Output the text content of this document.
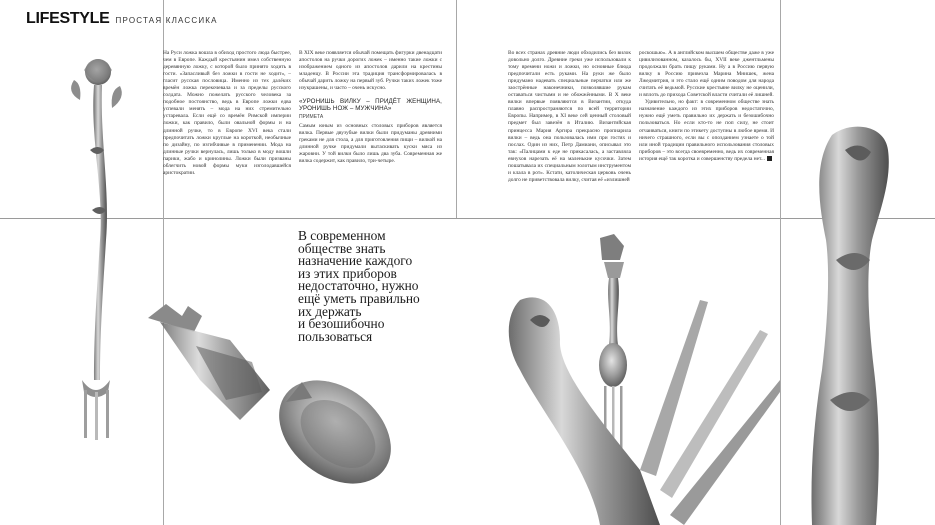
LIFESTYLE ПРОСТАЯ КЛАССИКА

На Руси ложка вошла в обиход простого люда быстрее, чем в Европе. Каждый крестьянин имел собственную деревянную ложку, с которой было принято ходить в гости. «Запасливый без ложки в гости не ходит», – гласит русская пословица. Именно из тех далёких времён ложка перекочевала и за пределы русского солдата. Можно пожелать русского человека за подобное постоянство, ведь в Европе ложки едва успевали менять – мода на них стремительно устаревала. Если ещё со времён Римской империи ложки, как правило, были овальной формы и на длинной ручке, то в Европе XVI века стали предпочитать ложки круглые на короткой, необычные по дизайну, по изгибчивые в применении. Мода на длинные ручки вернулась, лишь только в моду вошли парики, жабо и кринолины. Ложки были призваны облегчить новой формы муки изголодавшейся аристократии.

В XIX веке появляется обычай помещать фигурки двенадцати апостолов на ручки дорогих ложек – именно такие ложки с изображением одного из апостолов дарили на крестины младенцу. В России эта традиция трансформировалась в обычай дарить ложку на первый зуб. Ручки таких ложек тоже изукрашены, и часто – очень искусно.

«УРОНИШЬ ВИЛКУ – ПРИДЁТ ЖЕНЩИНА, УРОНИШЬ НОЖ – МУЖЧИНА»
ПРИМЕТА

Самым юным из основных столовых приборов является вилка. Первые двузубые вилки были придуманы древними греками не для стола, а для приготовления пищи – вилкой на длинной ручке придумали вытаскивать куски мяса из жаровни. У той вилки было лишь два зуба. Современная же вилка содержит, как правило, три-четыре.

Во всех странах древние люди обходились без вилок довольно долго. Древние греки уже использовали к тому времени ножи и ложки, но основные блюда предпочитали есть руками. На руки же было придумано надевать специальные перчатки или же заострённые наконечники, позволявшие рукам оставаться чистыми и не обожжёнными. В X веке вилки впервые появляются в Византии, откуда плавно распространяются по всей территории Европы. Например, в XI веке сей ценный столовый предмет был завезён в Италию. Византийская принцесса Мария Аргира прекрасно пропиарила вилки – ведь она пользовалась ими при гостях и послах. Один из них, Петр Дамиани, описывал это так: «Палицами к еде не прикасалась, а заставляла евнухов нарезать её на маленькие кусочки. Затем пошатывала их специальным золотым инструментом и клала в рот». Кстати, католическая церковь очень долго не приветствовала вилку, считая её «излишней

роскошью». А в английском высшем обществе даже в уже цивилизованном, казалось бы, XVII веке джентльмены продолжали брать пищу руками. Ну а в Россию первую вилку в Россию привезла Марина Мнишек, жена Лжедмитрия, и это стало ещё одним поводом для народа считать её ведьмой. Русские крестьяне вилку не оценили, и вплоть до прихода Советской власти считали её лишней.

Удивительно, но факт: в современном обществе знать назначение каждого из этих приборов недостаточно, нужно ещё уметь правильно их держать и безошибочно пользоваться. Но если кто-то не поп силу, не стоит отчаиваться, книги по этикету доступны в любое время. И ничего страшного, если вы с опозданием узнаете о той или иной традиции правильного использования столовых приборов – это всегда своевременно, ведь их современная история ещё так коротка и совершенству предела нет...

В современном
обществе знать
назначение каждого
из этих приборов
недостаточно, нужно
ещё уметь правильно
их держать
и безошибочно
пользоваться
